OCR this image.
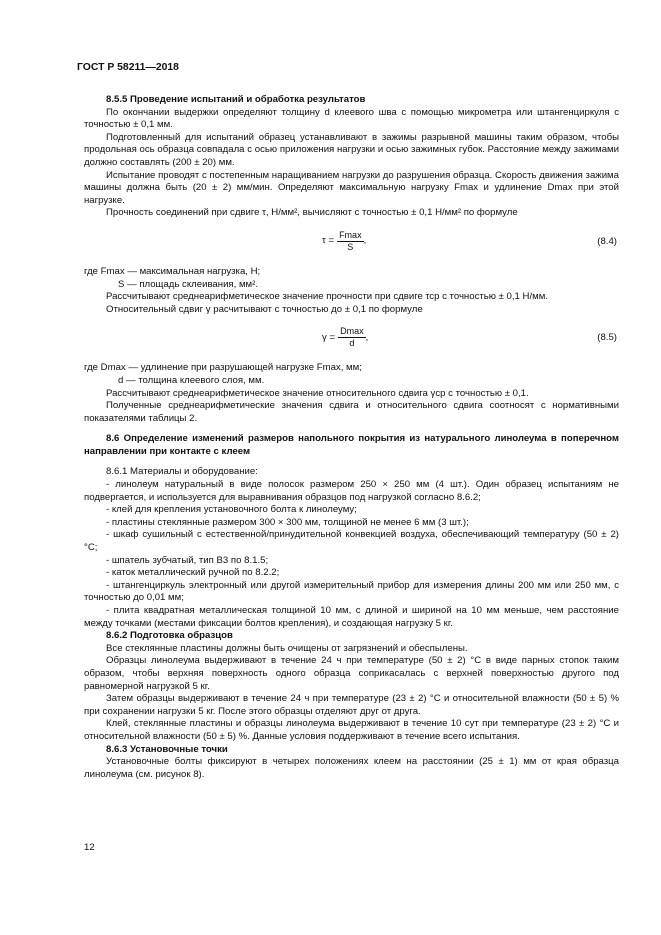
ГОСТ Р 58211—2018

8.5.5 Проведение испытаний и обработка результатов

По окончании выдержки определяют толщину d клеевого шва с помощью микрометра или штангенциркуля с точностью ± 0,1 мм.

Подготовленный для испытаний образец устанавливают в зажимы разрывной машины таким образом, чтобы продольная ось образца совпадала с осью приложения нагрузки и осью зажимных губок. Расстояние между зажимами должно составлять (200 ± 20) мм.

Испытание проводят с постепенным наращиванием нагрузки до разрушения образца. Скорость движения зажима машины должна быть (20 ± 2) мм/мин. Определяют максимальную нагрузку Fmax и удлинение Dmax при этой нагрузке.

Прочность соединений при сдвиге τ, Н/мм², вычисляют с точностью ± 0,1 Н/мм² по формуле

$\tau = \frac{Fmax}{S}$ ,	(8.4)

где Fmax — максимальная нагрузка, Н;

S — площадь склеивания, мм².

Рассчитывают среднеарифметическое значение прочности при сдвиге τср с точностью ± 0,1 Н/мм.

Относительный сдвиг γ расчитывают с точностью до ± 0,1 по формуле

$\gamma = \frac{Dmax}{d}$ ,	(8.5)

где Dmax — удлинение при разрушающей нагрузке Fmax, мм;

d — толщина клеевого слоя, мм.

Рассчитывают среднеарифметическое значение относительного сдвига γср с точностью ± 0,1.

Полученные среднеарифметические значения сдвига и относительного сдвига соотносят с нормативными показателями таблицы 2.

8.6 Определение изменений размеров напольного покрытия из натурального линолеума в поперечном направлении при контакте с клеем

8.6.1 Материалы и оборудование:

- линолеум натуральный в виде полосок размером 250 × 250 мм (4 шт.). Один образец испытаниям не подвергается, и используется для выравнивания образцов под нагрузкой согласно 8.6.2;

- клей для крепления установочного болта к линолеуму;

- пластины стеклянные размером 300 × 300 мм, толщиной не менее 6 мм (3 шт.);

- шкаф сушильный с естественной/принудительной конвекцией воздуха, обеспечивающий температуру (50 ± 2) °С;

- шпатель зубчатый, тип В3 по 8.1.5;

- каток металлический ручной по 8.2.2;

- штангенциркуль электронный или другой измерительный прибор для измерения длины 200 мм или 250 мм, с точностью до 0,01 мм;

- плита квадратная металлическая толщиной 10 мм, с длиной и шириной на 10 мм меньше, чем расстояние между точками (местами фиксации болтов крепления), и создающая нагрузку 5 кг.

8.6.2 Подготовка образцов

Все стеклянные пластины должны быть очищены от загрязнений и обеспылены.

Образцы линолеума выдерживают в течение 24 ч при температуре (50 ± 2) °С в виде парных стопок таким образом, чтобы верхняя поверхность одного образца соприкасалась с верхней поверхностью другого под равномерной нагрузкой 5 кг.

Затем образцы выдерживают в течение 24 ч при температуре (23 ± 2) °С и относительной влажности (50 ± 5) % при сохранении нагрузки 5 кг. После этого образцы отделяют друг от друга.

Клей, стеклянные пластины и образцы линолеума выдерживают в течение 10 сут при температуре (23 ± 2) °С и относительной влажности (50 ± 5) %. Данные условия поддерживают в течение всего испытания.

8.6.3 Установочные точки

Установочные болты фиксируют в четырех положениях клеем на расстоянии (25 ± 1) мм от края образца линолеума (см. рисунок 8).

12
